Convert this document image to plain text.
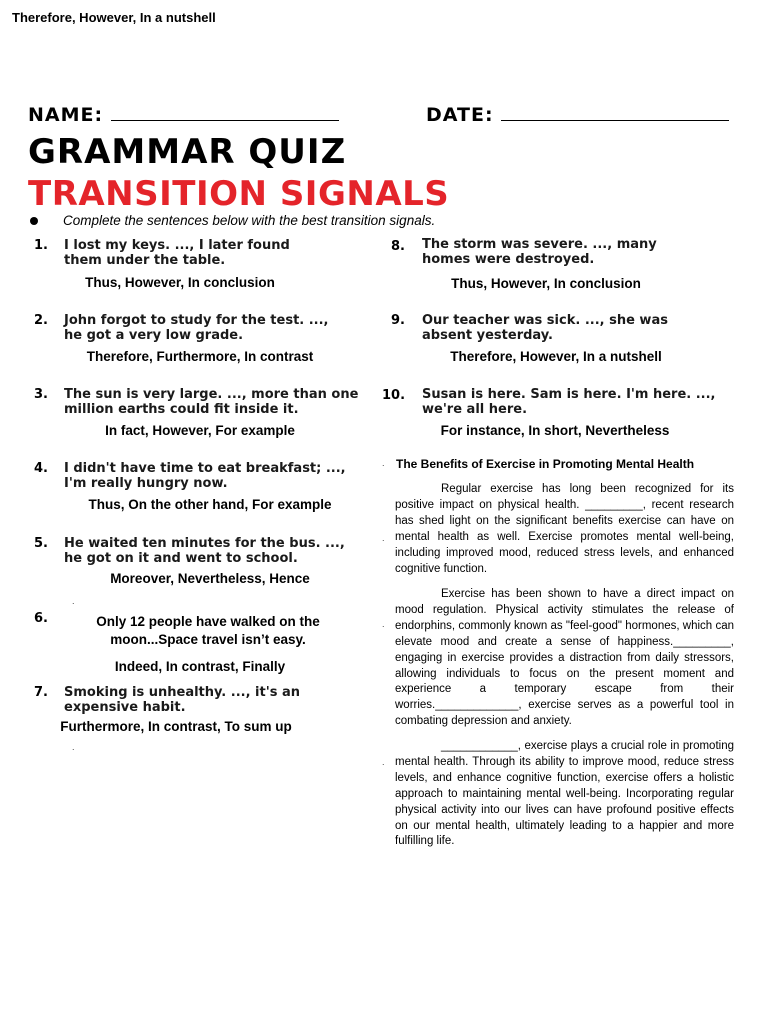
Therefore, However, In a nutshell
NAME:	DATE:
GRAMMAR QUIZ
TRANSITION SIGNALS
Complete the sentences below with the best transition signals.
1. I lost my keys. ..., I later found them under the table.
Thus, However, In conclusion
2. John forgot to study for the test. ..., he got a very low grade.
Therefore, Furthermore, In contrast
3. The sun is very large. ..., more than one million earths could fit inside it.
In fact, However, For example
4. I didn't have time to eat breakfast; ..., I'm really hungry now.
Thus, On the other hand, For example
5. He waited ten minutes for the bus. ..., he got on it and went to school.
Moreover, Nevertheless, Hence
.
6.	Only 12 people have walked on the moon...Space travel isn’t easy.
Indeed, In contrast, Finally
7. Smoking is unhealthy. ..., it's an expensive habit.
Furthermore, In contrast, To sum up
.
8. The storm was severe. ..., many homes were destroyed.
Thus, However, In conclusion
9. Our teacher was sick. ..., she was absent yesterday.
Therefore, However, In a nutshell
10. Susan is here. Sam is here. I'm here. ..., we're all here.
For instance, In short, Nevertheless
. The Benefits of Exercise in Promoting Mental Health

Regular exercise has long been recognized for its positive impact on physical health. _________, recent research has shed light on the significant benefits exercise can have on mental health as well. Exercise promotes mental well-being, including improved mood, reduced stress levels, and enhanced cognitive function.

Exercise has been shown to have a direct impact on mood regulation. Physical activity stimulates the release of endorphins, commonly known as "feel-good" hormones, which can elevate mood and create a sense of happiness._________, engaging in exercise provides a distraction from daily stressors, allowing individuals to focus on the present moment and experience a temporary escape from their worries._____________, exercise serves as a powerful tool in combating depression and anxiety.

____________, exercise plays a crucial role in promoting mental health. Through its ability to improve mood, reduce stress levels, and enhance cognitive function, exercise offers a holistic approach to maintaining mental well-being. Incorporating regular physical activity into our lives can have profound positive effects on our mental health, ultimately leading to a happier and more fulfilling life.

.
.
.
